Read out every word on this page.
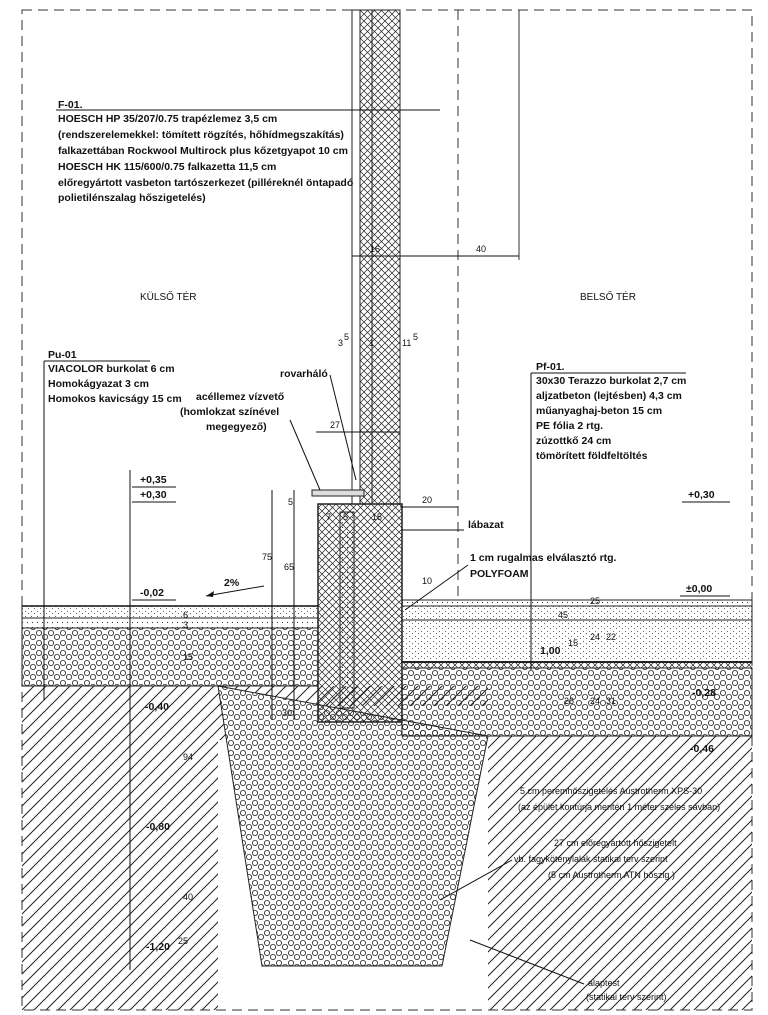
KÜLSŐ TÉR	BELSŐ TÉR
F-01.
HOESCH HP 35/207/0.75 trapézlemez 3,5 cm
(rendszerelemekkel: tömített rögzítés, hőhídmegszakítás)
falkazettában Rockwool Multirock plus kőzetgyapot 10 cm
HOESCH HK 115/600/0.75 falkazetta 11,5 cm
előregyártott vasbeton tartószerkezet (pilléreknél öntapadó
polietilénszalag hőszigetelés)
Pu-01
VIACOLOR burkolat 6 cm
Homokágyazat 3 cm
Homokos kavicságy 15 cm
Pf-01.
30x30 Terazzo burkolat 2,7 cm
aljzatbeton (lejtésben) 4,3 cm
műanyaghaj-beton 15 cm
PE fólia 2 rtg.
zúzottkő 24 cm
tömörített földfeltöltés
rovarháló
acéllemez vízvető
(homlokzat színével
megegyező)
lábazat
1 cm rugalmas elválasztó rtg.
POLYFOAM
5 cm peremhőszigetelés Austrotherm XPS-30
(az épület kontúrja mentén 1 méter széles sávban)
27 cm előregyártott hőszigetelt
vb. fagyköténylalak statikai terv szerint
(5 cm Austrotherm ATN hőszig.)
alaptest
(statikai terv szerint)
+0,35
+0,30	+0,30
-0,02	±0,00
-0,28
-0,40
-0,46
-0,80
-1,20 25
16	40
3
5
1	11
5
27
20
7 5	15
5
75
65
10
15
3
6	45
25
15
24 22
1,00
94
40
26 24 31
30
2%
